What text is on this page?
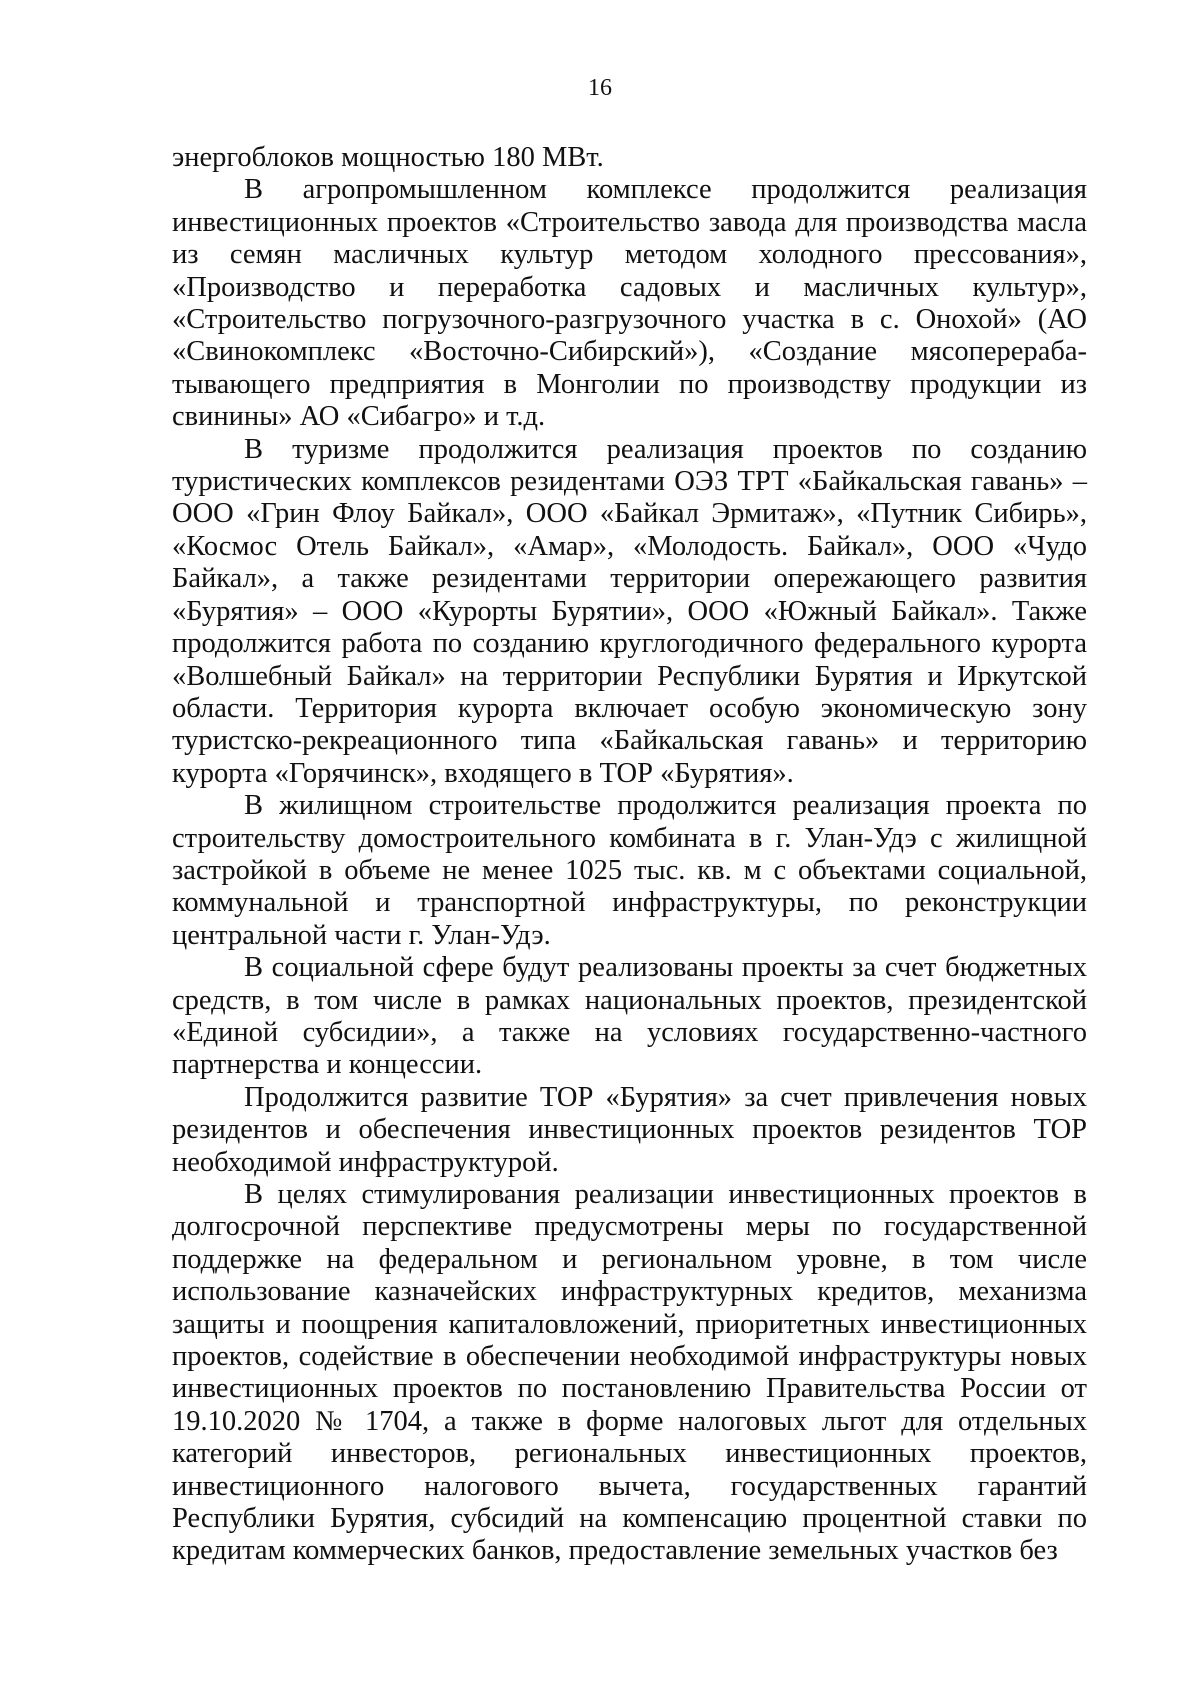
16

энергоблоков мощностью 180 МВт.

В агропромышленном комплексе продолжится реализация инвестиционных проектов «Строительство завода для производства масла из семян масличных культур методом холодного прессования», «Производство и переработка садовых и масличных культур», «Строительство погрузочного-разгрузочного участка в с. Онохой» (АО «Свинокомплекс «Восточно-Сибирский»), «Создание мясоперерабатывающего предприятия в Монголии по производству продукции из свинины» АО «Сибагро» и т.д.

В туризме продолжится реализация проектов по созданию туристических комплексов резидентами ОЭЗ ТРТ «Байкальская гавань» – ООО «Грин Флоу Байкал», ООО «Байкал Эрмитаж», «Путник Сибирь», «Космос Отель Байкал», «Амар», «Молодость. Байкал», ООО «Чудо Байкал», а также резидентами территории опережающего развития «Бурятия» – ООО «Курорты Бурятии», ООО «Южный Байкал». Также продолжится работа по созданию круглогодичного федерального курорта «Волшебный Байкал» на территории Республики Бурятия и Иркутской области. Территория курорта включает особую экономическую зону туристско-рекреационного типа «Байкальская гавань» и территорию курорта «Горячинск», входящего в ТОР «Бурятия».

В жилищном строительстве продолжится реализация проекта по строительству домостроительного комбината в г. Улан-Удэ с жилищной застройкой в объеме не менее 1025 тыс. кв. м с объектами социальной, коммунальной и транспортной инфраструктуры, по реконструкции центральной части г. Улан-Удэ.

В социальной сфере будут реализованы проекты за счет бюджетных средств, в том числе в рамках национальных проектов, президентской «Единой субсидии», а также на условиях государственно-частного партнерства и концессии.

Продолжится развитие ТОР «Бурятия» за счет привлечения новых резидентов и обеспечения инвестиционных проектов резидентов ТОР необходимой инфраструктурой.

В целях стимулирования реализации инвестиционных проектов в долгосрочной перспективе предусмотрены меры по государственной поддержке на федеральном и региональном уровне, в том числе использование казначейских инфраструктурных кредитов, механизма защиты и поощрения капиталовложений, приоритетных инвестиционных проектов, содействие в обеспечении необходимой инфраструктуры новых инвестиционных проектов по постановлению Правительства России от 19.10.2020 № 1704, а также в форме налоговых льгот для отдельных категорий инвесторов, региональных инвестиционных проектов, инвестиционного налогового вычета, государственных гарантий Республики Бурятия, субсидий на компенсацию процентной ставки по кредитам коммерческих банков, предоставление земельных участков без
